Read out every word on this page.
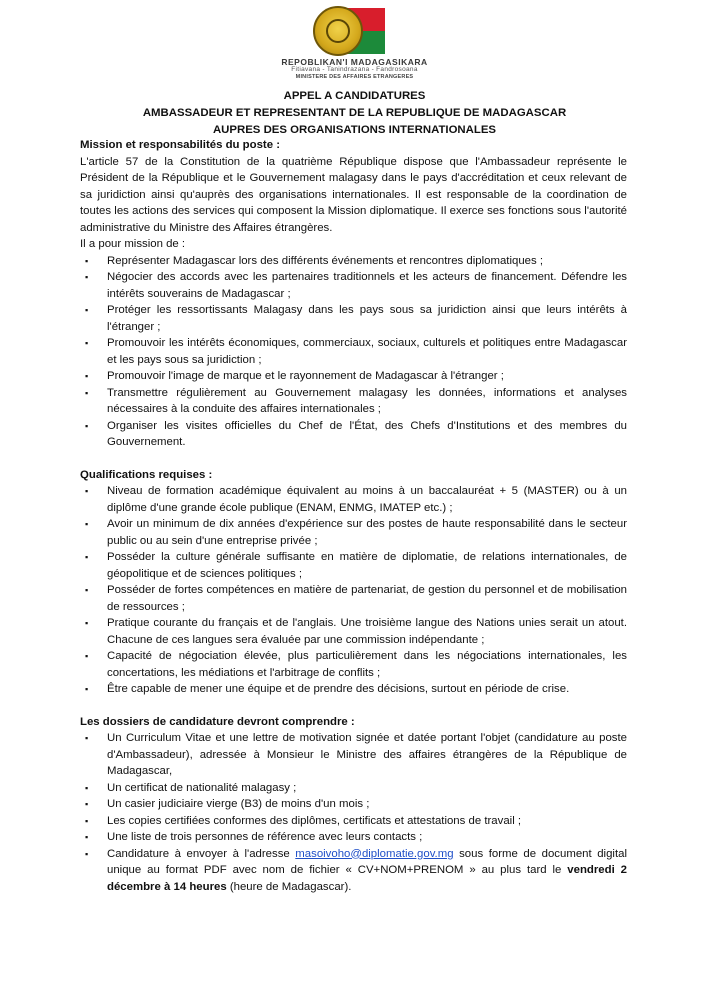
REPOBLIKAN'I MADAGASIKARA
Fitiavana - Tanindrazana - Fandrosoana
MINISTERE DES AFFAIRES ETRANGERES
APPEL A CANDIDATURES
AMBASSADEUR ET REPRESENTANT DE LA REPUBLIQUE DE MADAGASCAR
AUPRES DES ORGANISATIONS INTERNATIONALES

Mission et responsabilités du poste :

L'article 57 de la Constitution de la quatrième République dispose que l'Ambassadeur représente le Président de la République et le Gouvernement malagasy dans le pays d'accréditation et ceux relevant de sa juridiction ainsi qu'auprès des organisations internationales. Il est responsable de la coordination de toutes les actions des services qui composent la Mission diplomatique. Il exerce ses fonctions sous l'autorité administrative du Ministre des Affaires étrangères.

Il a pour mission de :

▪ Représenter Madagascar lors des différents événements et rencontres diplomatiques ;
▪ Négocier des accords avec les partenaires traditionnels et les acteurs de financement. Défendre les intérêts souverains de Madagascar ;
▪ Protéger les ressortissants Malagasy dans les pays sous sa juridiction ainsi que leurs intérêts à l'étranger ;
▪ Promouvoir les intérêts économiques, commerciaux, sociaux, culturels et politiques entre Madagascar et les pays sous sa juridiction ;
▪ Promouvoir l'image de marque et le rayonnement de Madagascar à l'étranger ;
▪ Transmettre régulièrement au Gouvernement malagasy les données, informations et analyses nécessaires à la conduite des affaires internationales ;
▪ Organiser les visites officielles du Chef de l'État, des Chefs d'Institutions et des membres du Gouvernement.

Qualifications requises :

▪ Niveau de formation académique équivalent au moins à un baccalauréat + 5 (MASTER) ou à un diplôme d'une grande école publique (ENAM, ENMG, IMATEP etc.) ;
▪ Avoir un minimum de dix années d'expérience sur des postes de haute responsabilité dans le secteur public ou au sein d'une entreprise privée ;
▪ Posséder la culture générale suffisante en matière de diplomatie, de relations internationales, de géopolitique et de sciences politiques ;
▪ Posséder de fortes compétences en matière de partenariat, de gestion du personnel et de mobilisation de ressources ;
▪ Pratique courante du français et de l'anglais. Une troisième langue des Nations unies serait un atout. Chacune de ces langues sera évaluée par une commission indépendante ;
▪ Capacité de négociation élevée, plus particulièrement dans les négociations internationales, les concertations, les médiations et l'arbitrage de conflits ;
▪ Être capable de mener une équipe et de prendre des décisions, surtout en période de crise.

Les dossiers de candidature devront comprendre :

▪ Un Curriculum Vitae et une lettre de motivation signée et datée portant l'objet (candidature au poste d'Ambassadeur), adressée à Monsieur le Ministre des affaires étrangères de la République de Madagascar,
▪ Un certificat de nationalité malagasy ;
▪ Un casier judiciaire vierge (B3) de moins d'un mois ;
▪ Les copies certifiées conformes des diplômes, certificats et attestations de travail ;
▪ Une liste de trois personnes de référence avec leurs contacts ;
▪ Candidature à envoyer à l'adresse masoivoho@diplomatie.gov.mg sous forme de document digital unique au format PDF avec nom de fichier « CV+NOM+PRENOM » au plus tard le vendredi 2 décembre à 14 heures (heure de Madagascar).
